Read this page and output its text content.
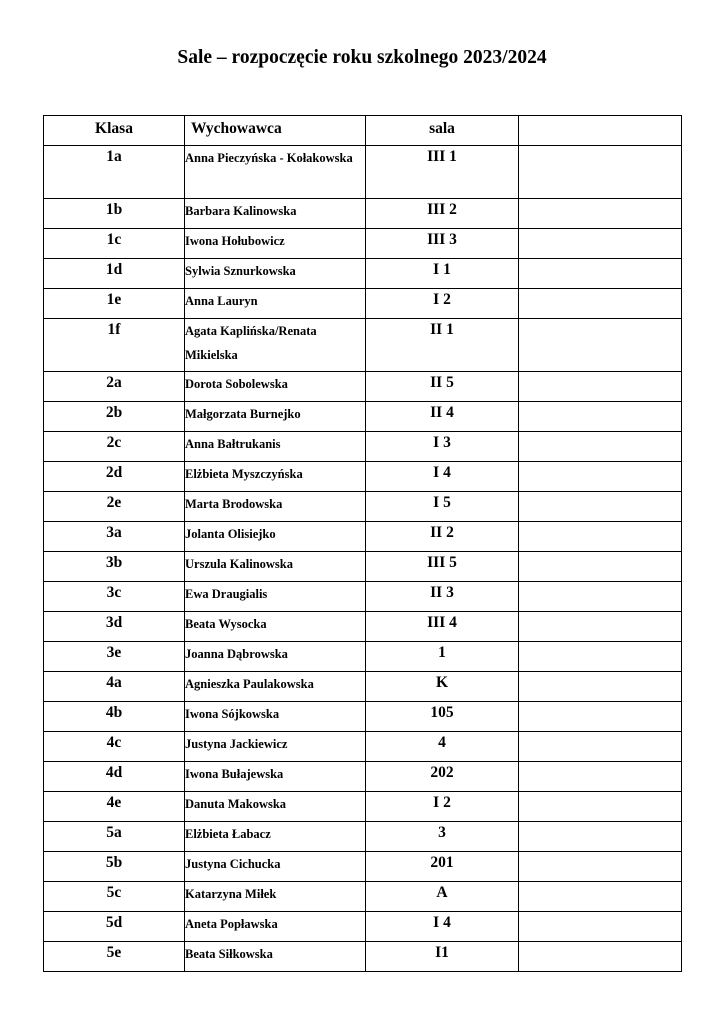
Sale – rozpoczęcie roku szkolnego 2023/2024
Klasa	Wychowawca	sala	
1a	Anna Pieczyńska - Kołakowska	III 1	
1b	Barbara Kalinowska	III 2	
1c	Iwona Hołubowicz	III 3	
1d	Sylwia Sznurkowska	I 1	
1e	Anna Lauryn	I 2	
1f	Agata Kaplińska/Renata Mikielska	II 1	
2a	Dorota Sobolewska	II 5	
2b	Małgorzata Burnejko	II 4	
2c	Anna Bałtrukanis	I 3	
2d	Elżbieta Myszczyńska	I 4	
2e	Marta Brodowska	I 5	
3a	Jolanta Olisiejko	II 2	
3b	Urszula Kalinowska	III 5	
3c	Ewa Draugialis	II 3	
3d	Beata Wysocka	III 4	
3e	Joanna Dąbrowska	1	
4a	Agnieszka Paulakowska	K	
4b	Iwona Sójkowska	105	
4c	Justyna Jackiewicz	4	
4d	Iwona Bułajewska	202	
4e	Danuta Makowska	I 2	
5a	Elżbieta Łabacz	3	
5b	Justyna Cichucka	201	
5c	Katarzyna Miłek	A	
5d	Aneta Popławska	I 4	
5e	Beata Siłkowska	I1	
